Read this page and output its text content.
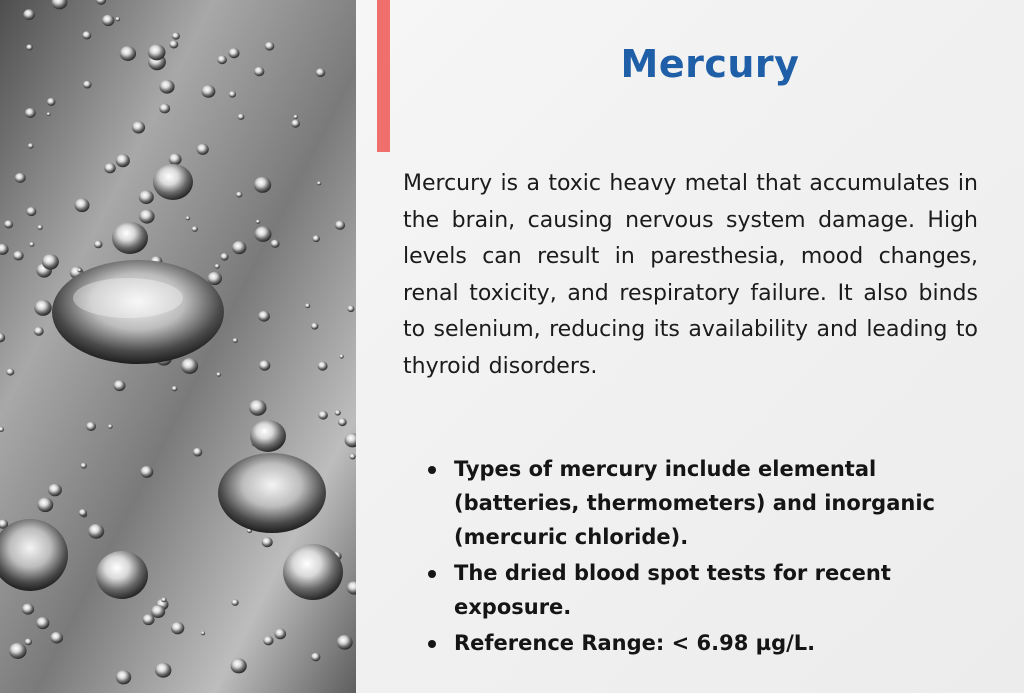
Mercury

Mercury is a toxic heavy metal that accumulates in the brain, causing nervous system damage. High levels can result in paresthesia, mood changes, renal toxicity, and respiratory failure. It also binds to selenium, reducing its availability and leading to thyroid disorders.

Types of mercury include elemental (batteries, thermometers) and inorganic (mercuric chloride).
The dried blood spot tests for recent exposure.
Reference Range: < 6.98 µg/L.
